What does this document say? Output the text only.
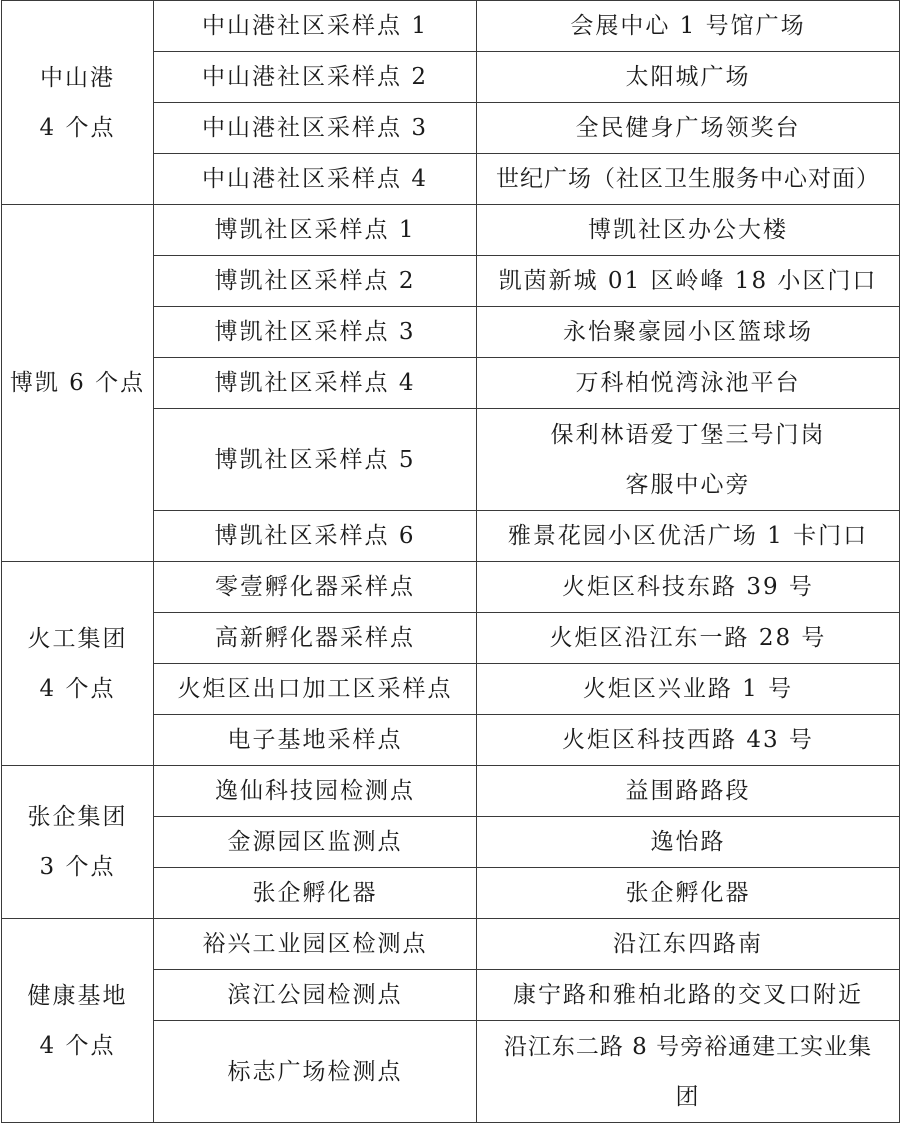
中山港
4 个点	中山港社区采样点 1	会展中心 1 号馆广场
	中山港社区采样点 2	太阳城广场
	中山港社区采样点 3	全民健身广场领奖台
	中山港社区采样点 4	世纪广场（社区卫生服务中心对面）

博凯 6 个点	博凯社区采样点 1	博凯社区办公大楼
	博凯社区采样点 2	凯茵新城 01 区岭峰 18 小区门口
	博凯社区采样点 3	永怡聚豪园小区篮球场
	博凯社区采样点 4	万科柏悦湾泳池平台
	博凯社区采样点 5	保利林语爱丁堡三号门岗
客服中心旁

	博凯社区采样点 6	雅景花园小区优活广场 1 卡门口

火工集团
4 个点	零壹孵化器采样点	火炬区科技东路 39 号
	高新孵化器采样点	火炬区沿江东一路 28 号
	火炬区出口加工区采样点	火炬区兴业路 1 号
	电子基地采样点	火炬区科技西路 43 号

张企集团
3 个点	逸仙科技园检测点	益围路路段
	金源园区监测点	逸怡路
	张企孵化器	张企孵化器

健康基地
4 个点	裕兴工业园区检测点	沿江东四路南
	滨江公园检测点	康宁路和雅柏北路的交叉口附近
	标志广场检测点	沿江东二路 8 号旁裕通建工实业集
团
